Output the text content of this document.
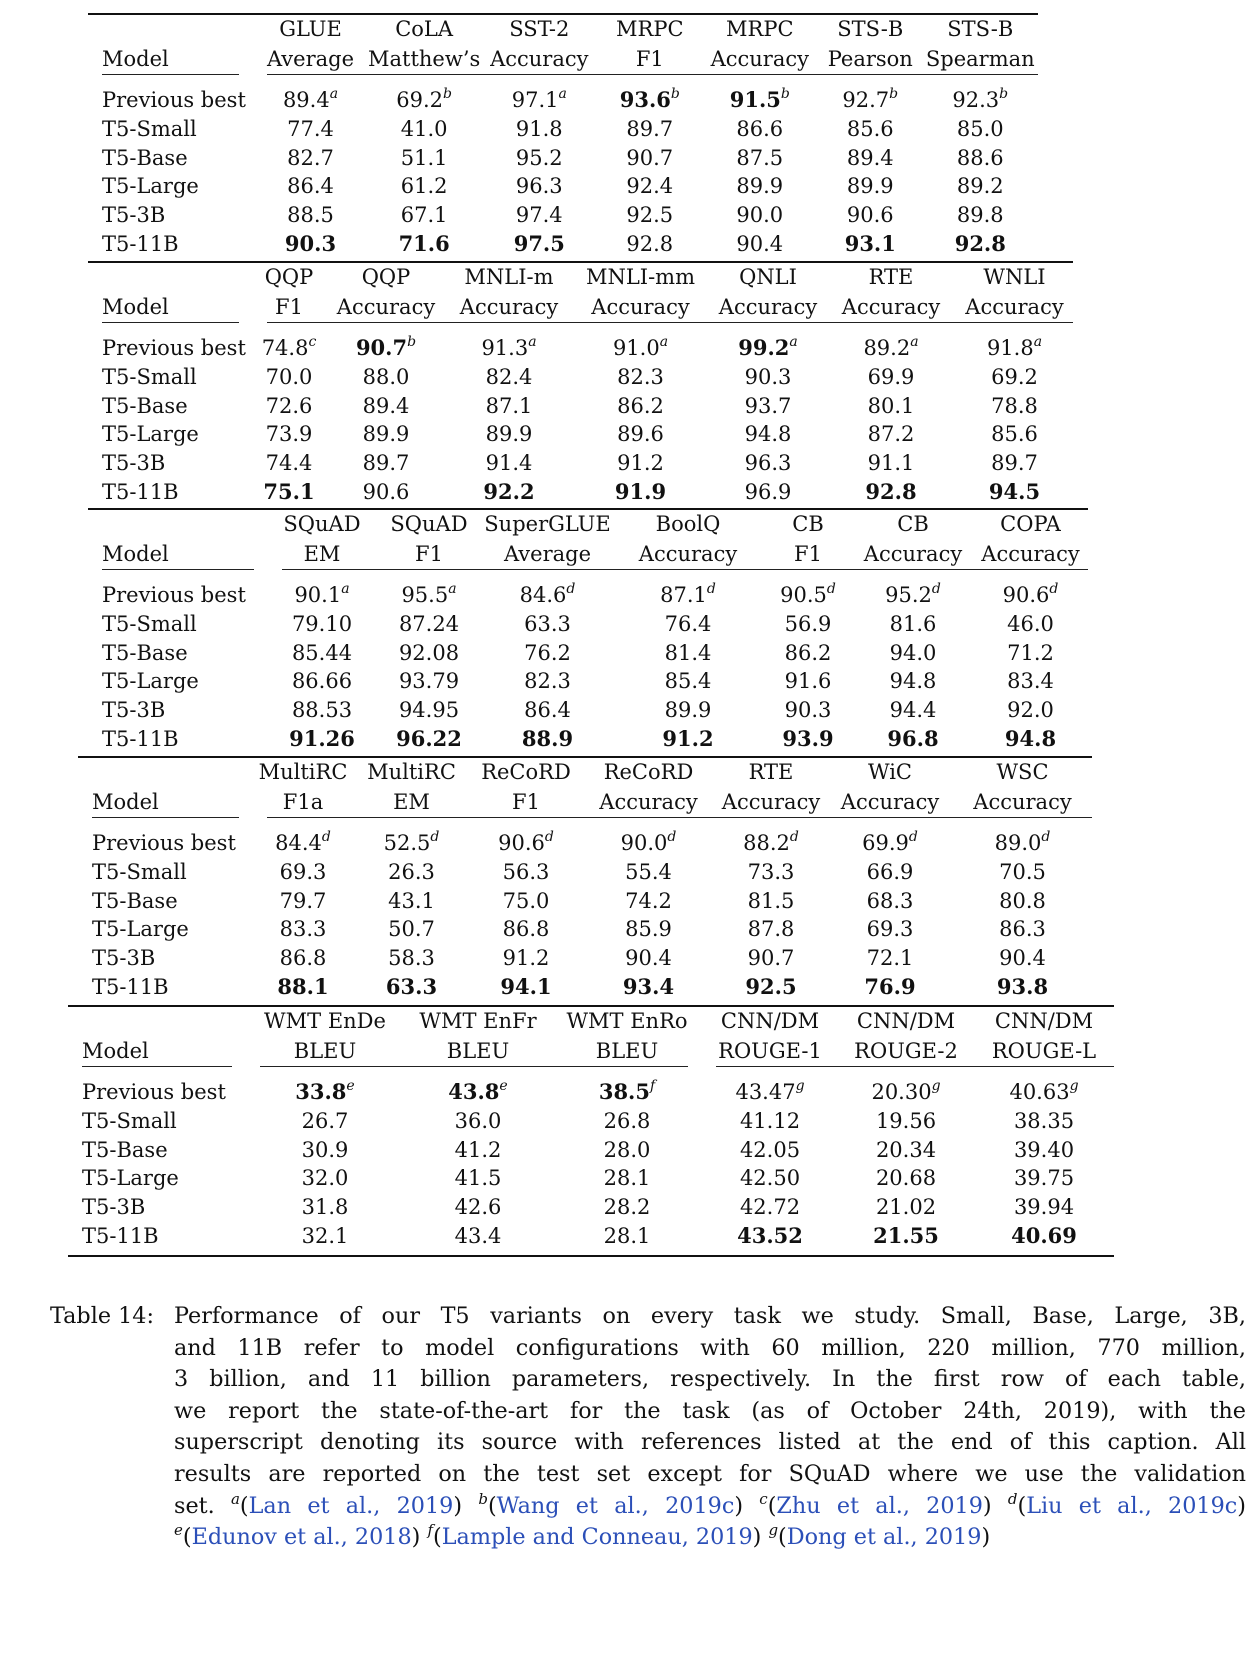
	GLUE	CoLA	SST-2	MRPC	MRPC	STS-B	STS-B
Model	Average	Matthew’s	Accuracy	F1	Accuracy	Pearson	Spearman

Previous best	89.4$^a$	69.2$^b$	97.1$^a$	93.6$^b$	91.5$^b$	92.7$^b$	92.3$^b$
T5-Small	77.4	41.0	91.8	89.7	86.6	85.6	85.0
T5-Base	82.7	51.1	95.2	90.7	87.5	89.4	88.6
T5-Large	86.4	61.2	96.3	92.4	89.9	89.9	89.2
T5-3B	88.5	67.1	97.4	92.5	90.0	90.6	89.8
T5-11B	90.3	71.6	97.5	92.8	90.4	93.1	92.8

	QQP	QQP	MNLI-m	MNLI-mm	QNLI	RTE	WNLI
Model	F1	Accuracy	Accuracy	Accuracy	Accuracy	Accuracy	Accuracy

Previous best	74.8$^c$	90.7$^b$	91.3$^a$	91.0$^a$	99.2$^a$	89.2$^a$	91.8$^a$
T5-Small	70.0	88.0	82.4	82.3	90.3	69.9	69.2
T5-Base	72.6	89.4	87.1	86.2	93.7	80.1	78.8
T5-Large	73.9	89.9	89.9	89.6	94.8	87.2	85.6
T5-3B	74.4	89.7	91.4	91.2	96.3	91.1	89.7
T5-11B	75.1	90.6	92.2	91.9	96.9	92.8	94.5

	SQuAD	SQuAD	SuperGLUE	BoolQ	CB	CB	COPA
Model	EM	F1	Average	Accuracy	F1	Accuracy	Accuracy

Previous best	90.1$^a$	95.5$^a$	84.6$^d$	87.1$^d$	90.5$^d$	95.2$^d$	90.6$^d$
T5-Small	79.10	87.24	63.3	76.4	56.9	81.6	46.0
T5-Base	85.44	92.08	76.2	81.4	86.2	94.0	71.2
T5-Large	86.66	93.79	82.3	85.4	91.6	94.8	83.4
T5-3B	88.53	94.95	86.4	89.9	90.3	94.4	92.0
T5-11B	91.26	96.22	88.9	91.2	93.9	96.8	94.8

	MultiRC	MultiRC	ReCoRD	ReCoRD	RTE	WiC	WSC
Model	F1a	EM	F1	Accuracy	Accuracy	Accuracy	Accuracy

Previous best	84.4$^d$	52.5$^d$	90.6$^d$	90.0$^d$	88.2$^d$	69.9$^d$	89.0$^d$
T5-Small	69.3	26.3	56.3	55.4	73.3	66.9	70.5
T5-Base	79.7	43.1	75.0	74.2	81.5	68.3	80.8
T5-Large	83.3	50.7	86.8	85.9	87.8	69.3	86.3
T5-3B	86.8	58.3	91.2	90.4	90.7	72.1	90.4
T5-11B	88.1	63.3	94.1	93.4	92.5	76.9	93.8

	WMT EnDe	WMT EnFr	WMT EnRo	CNN/DM	CNN/DM	CNN/DM
Model	BLEU	BLEU	BLEU	ROUGE-1	ROUGE-2	ROUGE-L

Previous best	33.8e	43.8e	38.5$^f$	43.47$^g$	20.30$^g$	40.63$^g$
T5-Small	26.7	36.0	26.8	41.12	19.56	38.35
T5-Base	30.9	41.2	28.0	42.05	20.34	39.40
T5-Large	32.0	41.5	28.1	42.50	20.68	39.75
T5-3B	31.8	42.6	28.2	42.72	21.02	39.94
T5-11B	32.1	43.4	28.1	43.52	21.55	40.69

Table 14: Performance of our T5 variants on every task we study. Small, Base, Large, 3B,
and 11B refer to model configurations with 60 million, 220 million, 770 million,
3 billion, and 11 billion parameters, respectively. In the first row of each table,
we report the state-of-the-art for the task (as of October 24th, 2019), with the
superscript denoting its source with references listed at the end of this caption. All
results are reported on the test set except for SQuAD where we use the validation
set. $^a$(Lan et al., 2019) $^b$(Wang et al., 2019c) $^c$(Zhu et al., 2019) $^d$(Liu et al., 2019c)
$^e$(Edunov et al., 2018) $^f$(Lample and Conneau, 2019) $^g$(Dong et al., 2019)
